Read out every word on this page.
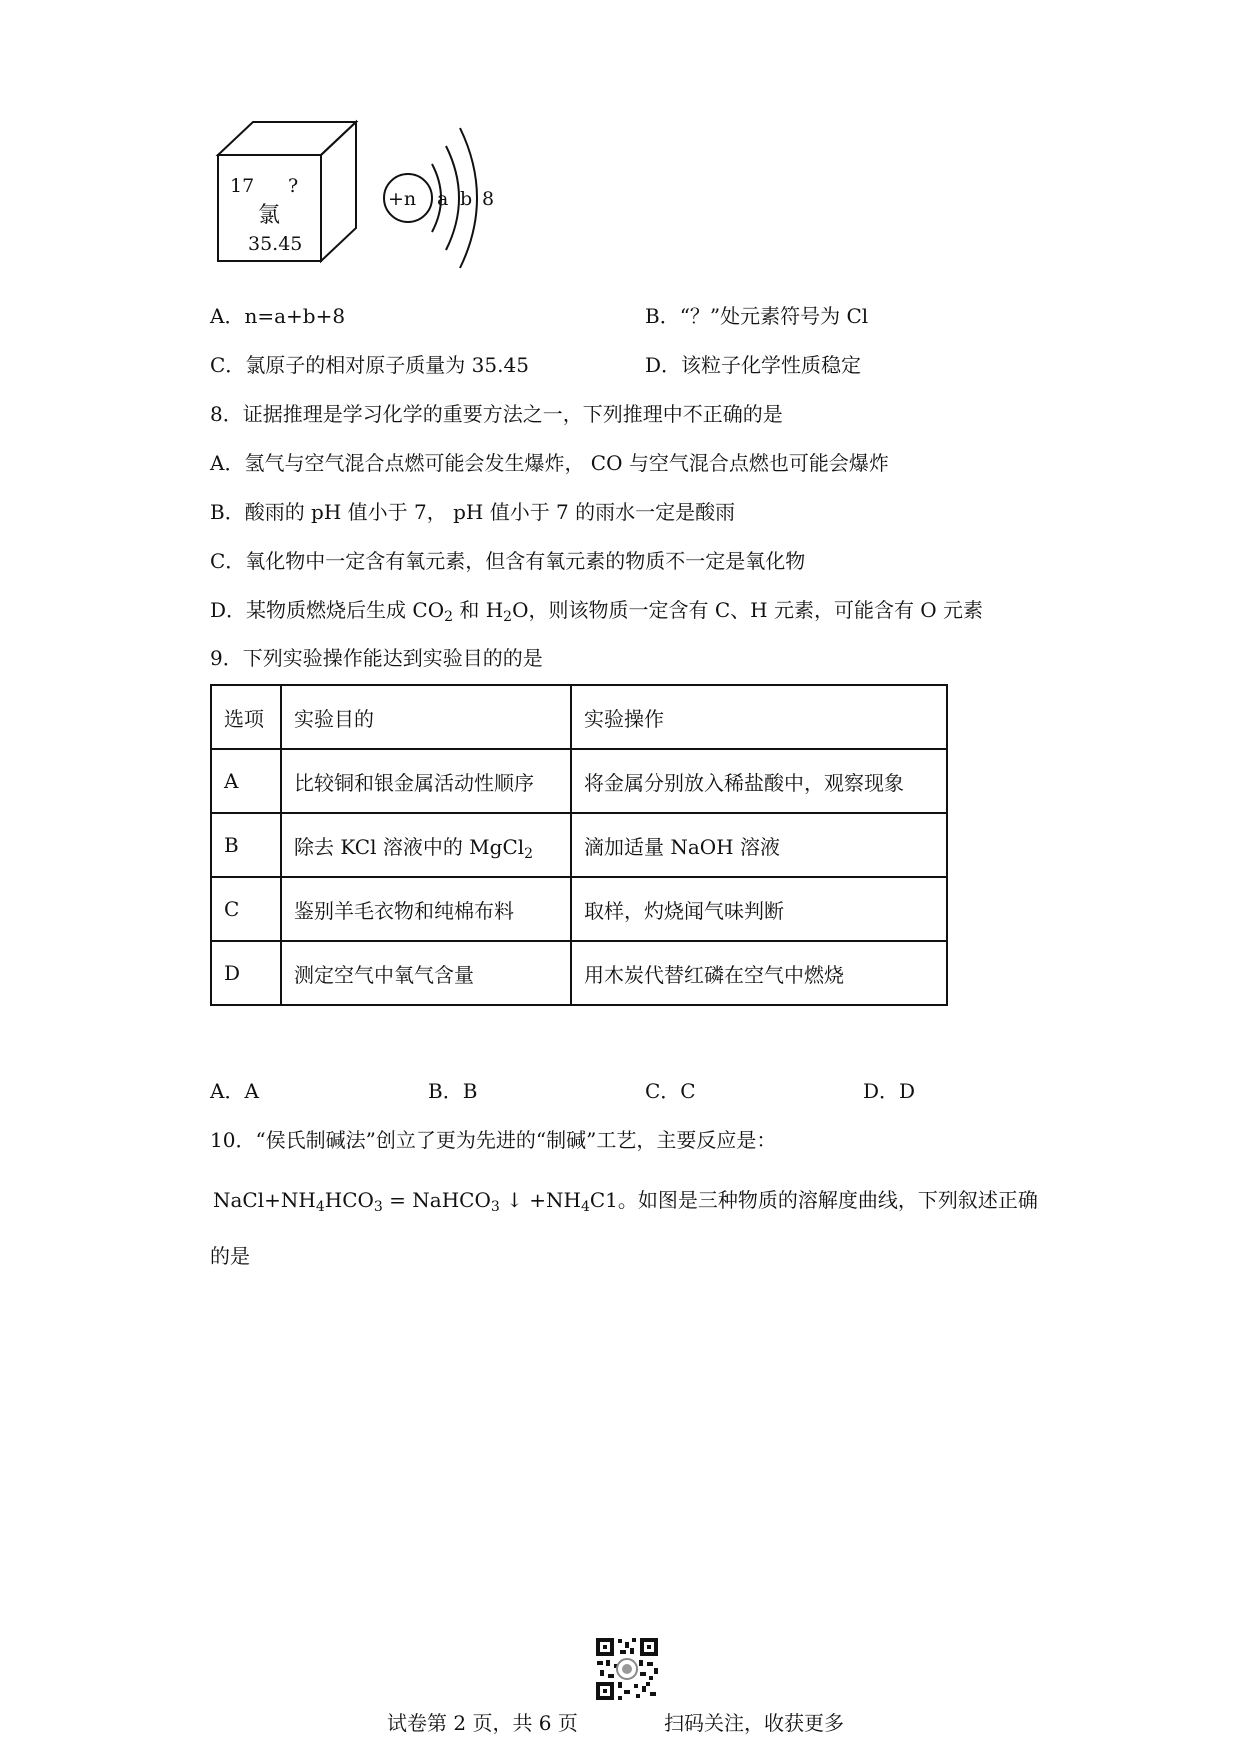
17 ?
氯
35.45
+n a b 8
A．n=a+b+8	B．“？”处元素符号为 Cl
C．氯原子的相对原子质量为 35.45	D．该粒子化学性质稳定
8．证据推理是学习化学的重要方法之一，下列推理中不正确的是
A．氢气与空气混合点燃可能会发生爆炸， CO 与空气混合点燃也可能会爆炸
B．酸雨的 pH 值小于 7， pH 值小于 7 的雨水一定是酸雨
C．氧化物中一定含有氧元素，但含有氧元素的物质不一定是氧化物
D．某物质燃烧后生成 $CO_2$ 和 $H_2O$，则该物质一定含有 C、H 元素，可能含有 O 元素
9．下列实验操作能达到实验目的的是
选项	实验目的	实验操作
A	比较铜和银金属活动性顺序	将金属分别放入稀盐酸中，观察现象
B	除去 KCl 溶液中的 MgCl$_2$	滴加适量 NaOH 溶液
C	鉴别羊毛衣物和纯棉布料	取样，灼烧闻气味判断
D	测定空气中氧气含量	用木炭代替红磷在空气中燃烧
A．A	B．B	C．C	D．D
10．“侯氏制碱法”创立了更为先进的“制碱”工艺，主要反应是：
$NaCl+NH_4HCO_3$ = NaHCO$_3$ ↓ $+NH_4C1$。如图是三种物质的溶解度曲线，下列叙述正确
的是
试卷第 2 页，共 6 页	扫码关注，收获更多
